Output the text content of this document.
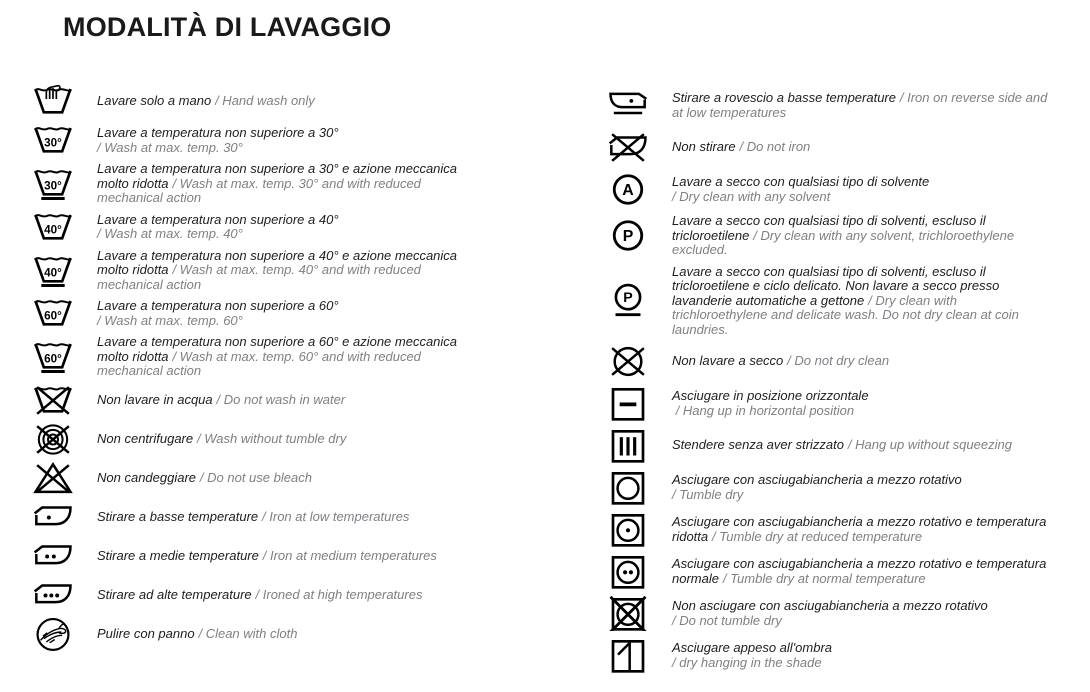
MODALITÀ DI LAVAGGIO
Lavare solo a mano / Hand wash only
30°
Lavare a temperatura non superiore a 30°
/ Wash at max. temp. 30°
30°
Lavare a temperatura non superiore a 30° e azione meccanica molto ridotta / Wash at max. temp. 30° and with reduced mechanical action
40°
Lavare a temperatura non superiore a 40°
/ Wash at max. temp. 40°
40°
Lavare a temperatura non superiore a 40° e azione meccanica molto ridotta / Wash at max. temp. 40° and with reduced mechanical action
60°
Lavare a temperatura non superiore a 60°
/ Wash at max. temp. 60°
60°
Lavare a temperatura non superiore a 60° e azione meccanica molto ridotta / Wash at max. temp. 60° and with reduced mechanical action
Non lavare in acqua / Do not wash in water
Non centrifugare / Wash without tumble dry
Non candeggiare / Do not use bleach
Stirare a basse temperature / Iron at low temperatures
Stirare a medie temperature / Iron at medium temperatures
Stirare ad alte temperature / Ironed at high temperatures
Pulire con panno / Clean with cloth
Stirare a rovescio a basse temperature / Iron on reverse side and at low temperatures
Non stirare / Do not iron
A
Lavare a secco con qualsiasi tipo di solvente
/ Dry clean with any solvent
P
Lavare a secco con qualsiasi tipo di solventi, escluso il tricloroetilene / Dry clean with any solvent, trichloroethylene excluded.
P
Lavare a secco con qualsiasi tipo di solventi, escluso il tricloroetilene e ciclo delicato. Non lavare a secco presso lavanderie automatiche a gettone / Dry clean with trichloroethylene and delicate wash. Do not dry clean at coin laundries.
Non lavare a secco / Do not dry clean
Asciugare in posizione orizzontale
/ Hang up in horizontal position
Stendere senza aver strizzato / Hang up without squeezing
Asciugare con asciugabiancheria a mezzo rotativo
/ Tumble dry
Asciugare con asciugabiancheria a mezzo rotativo e temperatura ridotta / Tumble dry at reduced temperature
Asciugare con asciugabiancheria a mezzo rotativo e temperatura normale / Tumble dry at normal temperature
Non asciugare con asciugabiancheria a mezzo rotativo
/ Do not tumble dry
Asciugare appeso all'ombra
/ dry hanging in the shade
